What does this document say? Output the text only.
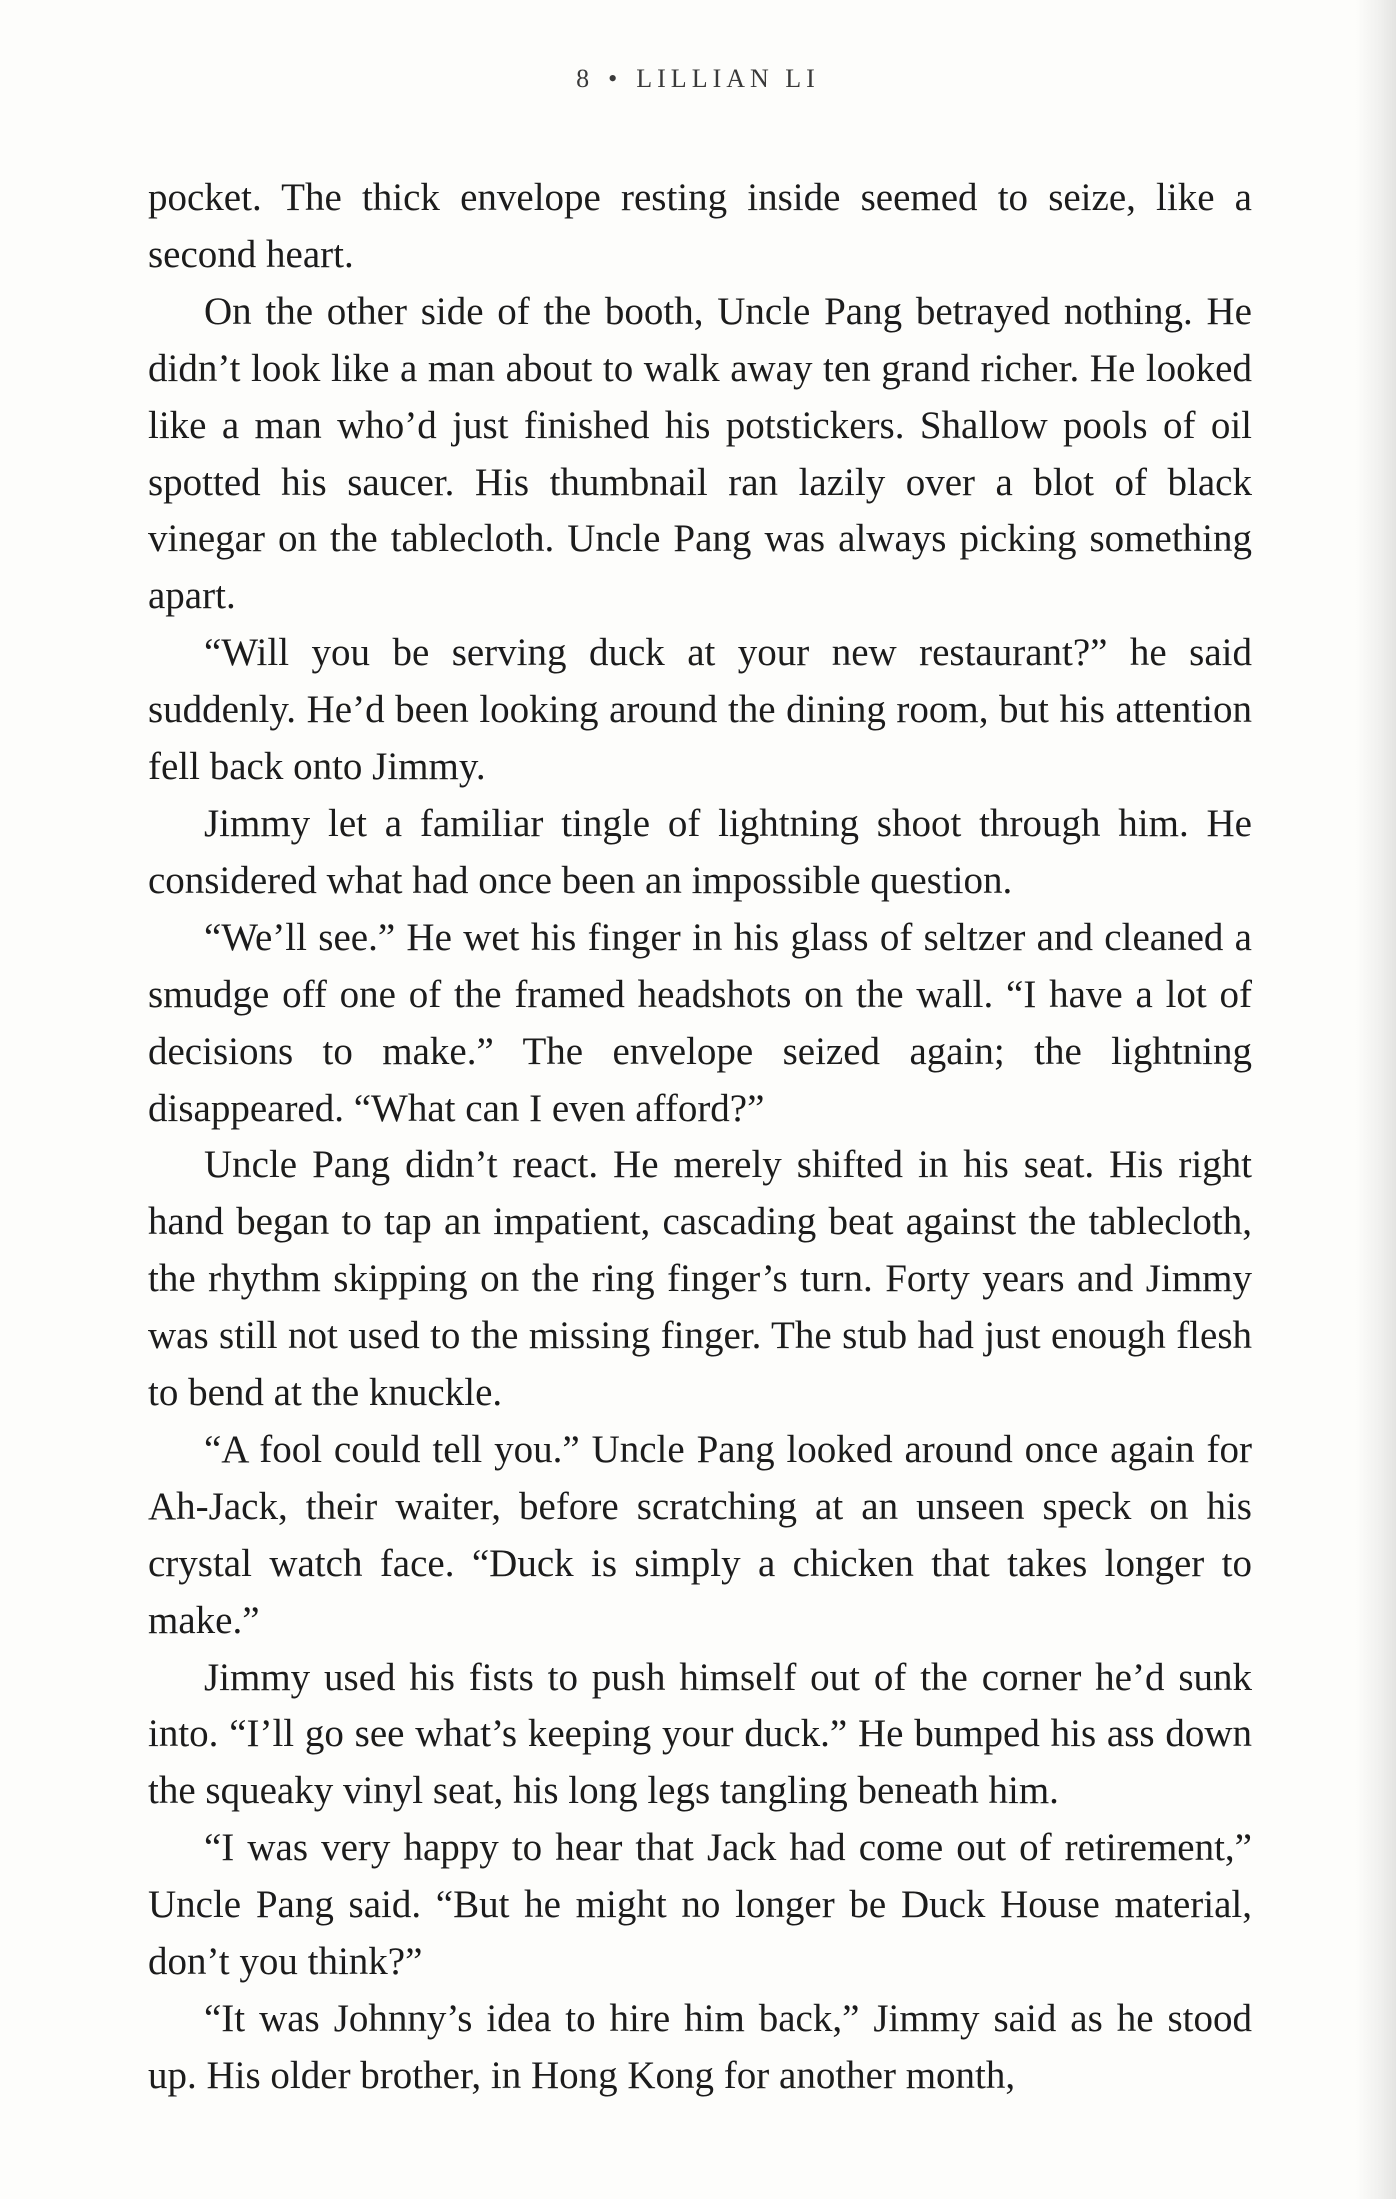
8 • LILLIAN LI

pocket. The thick envelope resting inside seemed to seize, like a second heart.

On the other side of the booth, Uncle Pang betrayed nothing. He didn’t look like a man about to walk away ten grand richer. He looked like a man who’d just finished his potstickers. Shallow pools of oil spotted his saucer. His thumbnail ran lazily over a blot of black vinegar on the tablecloth. Uncle Pang was always picking something apart.

“Will you be serving duck at your new restaurant?” he said suddenly. He’d been looking around the dining room, but his attention fell back onto Jimmy.

Jimmy let a familiar tingle of lightning shoot through him. He considered what had once been an impossible question.

“We’ll see.” He wet his finger in his glass of seltzer and cleaned a smudge off one of the framed headshots on the wall. “I have a lot of decisions to make.” The envelope seized again; the lightning disappeared. “What can I even afford?”

Uncle Pang didn’t react. He merely shifted in his seat. His right hand began to tap an impatient, cascading beat against the tablecloth, the rhythm skipping on the ring finger’s turn. Forty years and Jimmy was still not used to the missing finger. The stub had just enough flesh to bend at the knuckle.

“A fool could tell you.” Uncle Pang looked around once again for Ah-Jack, their waiter, before scratching at an unseen speck on his crystal watch face. “Duck is simply a chicken that takes longer to make.”

Jimmy used his fists to push himself out of the corner he’d sunk into. “I’ll go see what’s keeping your duck.” He bumped his ass down the squeaky vinyl seat, his long legs tangling beneath him.

“I was very happy to hear that Jack had come out of retirement,” Uncle Pang said. “But he might no longer be Duck House material, don’t you think?”

“It was Johnny’s idea to hire him back,” Jimmy said as he stood up. His older brother, in Hong Kong for another month,
